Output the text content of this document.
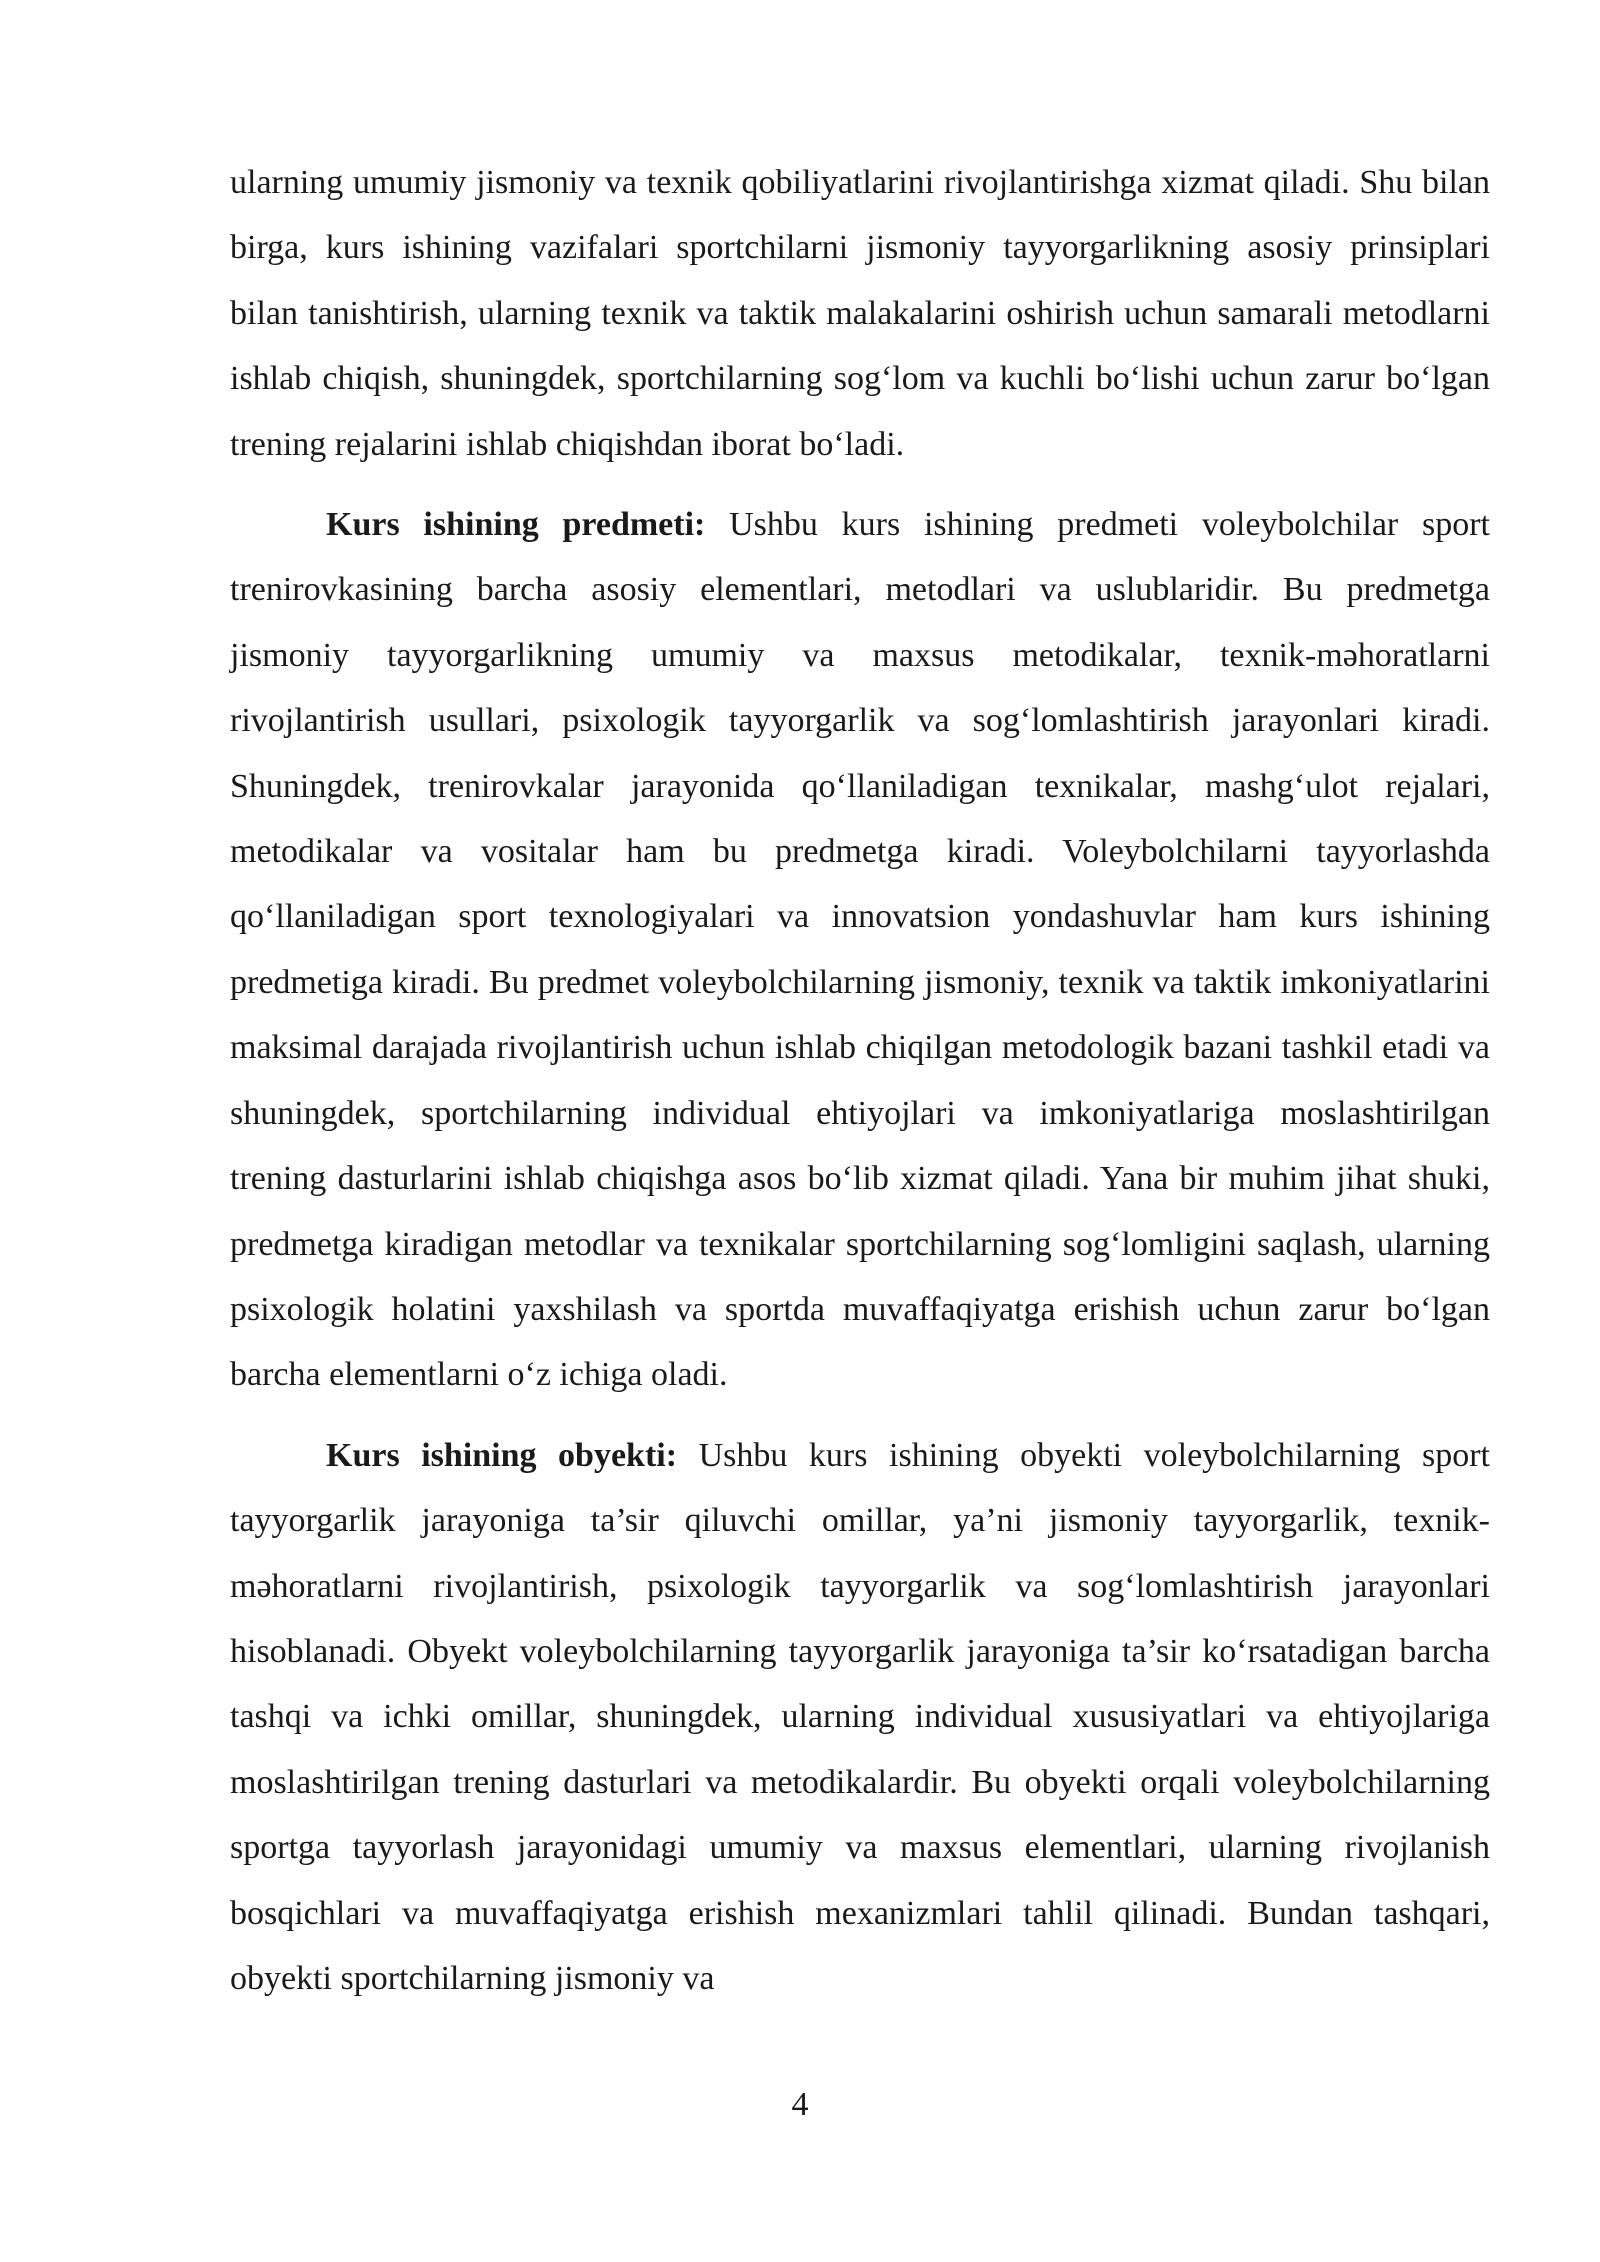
ularning umumiy jismoniy va texnik qobiliyatlarini rivojlantirishga xizmat qiladi. Shu bilan birga, kurs ishining vazifalari sportchilarni jismoniy tayyorgarlikning asosiy prinsiplari bilan tanishtirish, ularning texnik va taktik malakalarini oshirish uchun samarali metodlarni ishlab chiqish, shuningdek, sportchilarning sogʻlom va kuchli boʻlishi uchun zarur boʻlgan trening rejalarini ishlab chiqishdan iborat boʻladi.

Kurs ishining predmeti: Ushbu kurs ishining predmeti voleybolchilar sport trenirovkasining barcha asosiy elementlari, metodlari va uslublaridir. Bu predmetga jismoniy tayyorgarlikning umumiy va maxsus metodikalar, texnik-məhoratlarni rivojlantirish usullari, psixologik tayyorgarlik va sogʻlomlashtirish jarayonlari kiradi. Shuningdek, trenirovkalar jarayonida qoʻllaniladigan texnikalar, mashgʻulot rejalari, metodikalar va vositalar ham bu predmetga kiradi. Voleybolchilarni tayyorlashda qoʻllaniladigan sport texnologiyalari va innovatsion yondashuvlar ham kurs ishining predmetiga kiradi. Bu predmet voleybolchilarning jismoniy, texnik va taktik imkoniyatlarini maksimal darajada rivojlantirish uchun ishlab chiqilgan metodologik bazani tashkil etadi va shuningdek, sportchilarning individual ehtiyojlari va imkoniyatlariga moslashtirilgan trening dasturlarini ishlab chiqishga asos boʻlib xizmat qiladi. Yana bir muhim jihat shuki, predmetga kiradigan metodlar va texnikalar sportchilarning sogʻlomligini saqlash, ularning psixologik holatini yaxshilash va sportda muvaffaqiyatga erishish uchun zarur boʻlgan barcha elementlarni oʻz ichiga oladi.

Kurs ishining obyekti: Ushbu kurs ishining obyekti voleybolchilarning sport tayyorgarlik jarayoniga ta’sir qiluvchi omillar, ya’ni jismoniy tayyorgarlik, texnik-məhoratlarni rivojlantirish, psixologik tayyorgarlik va sogʻlomlashtirish jarayonlari hisoblanadi. Obyekt voleybolchilarning tayyorgarlik jarayoniga ta’sir koʻrsatadigan barcha tashqi va ichki omillar, shuningdek, ularning individual xususiyatlari va ehtiyojlariga moslashtirilgan trening dasturlari va metodikalardir. Bu obyekti orqali voleybolchilarning sportga tayyorlash jarayonidagi umumiy va maxsus elementlari, ularning rivojlanish bosqichlari va muvaffaqiyatga erishish mexanizmlari tahlil qilinadi. Bundan tashqari, obyekti sportchilarning jismoniy va

4
